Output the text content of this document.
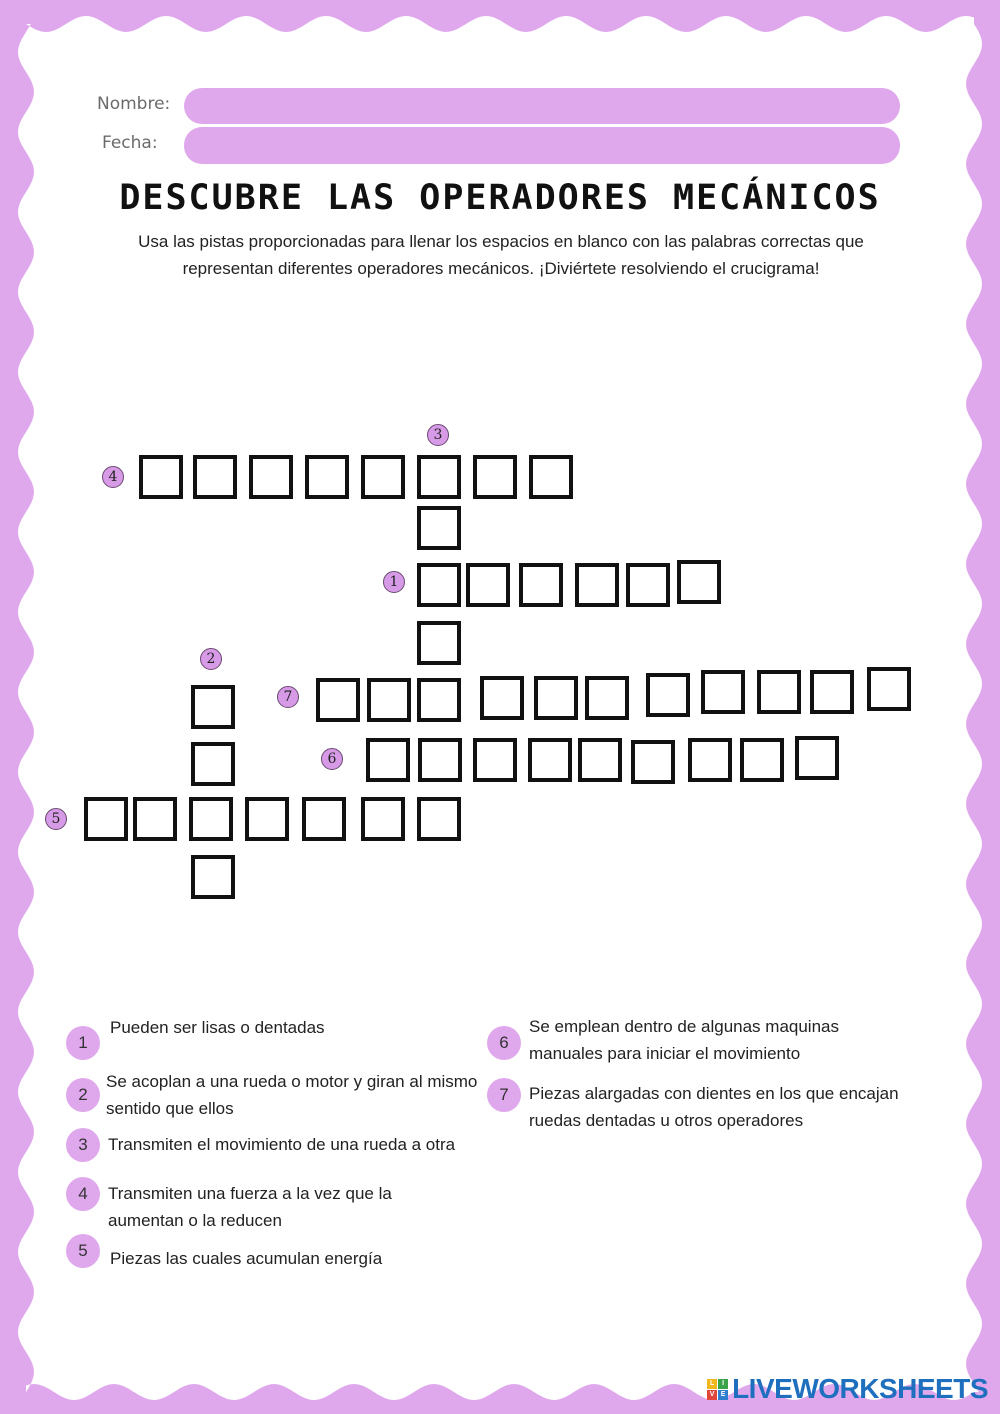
Nombre:
Fecha:
DESCUBRE LAS OPERADORES MECÁNICOS
Usa las pistas proporcionadas para llenar los espacios en blanco con las palabras correctas que representan diferentes operadores mecánicos. ¡Diviértete resolviendo el crucigrama!
4
3
1
2
7
6
5
1
Pueden ser lisas o dentadas
2
Se acoplan a una rueda o motor y giran al mismo sentido que ellos
3	Transmiten el movimiento de una rueda a otra
4	Transmiten una fuerza a la vez que la aumentan o la reducen
5	Piezas las cuales acumulan energía
6
Se emplean dentro de algunas maquinas manuales para iniciar el movimiento
7	Piezas alargadas con dientes en los que encajan ruedas dentadas u otros operadores
L	I
V E LIVEWORKSHEETS
